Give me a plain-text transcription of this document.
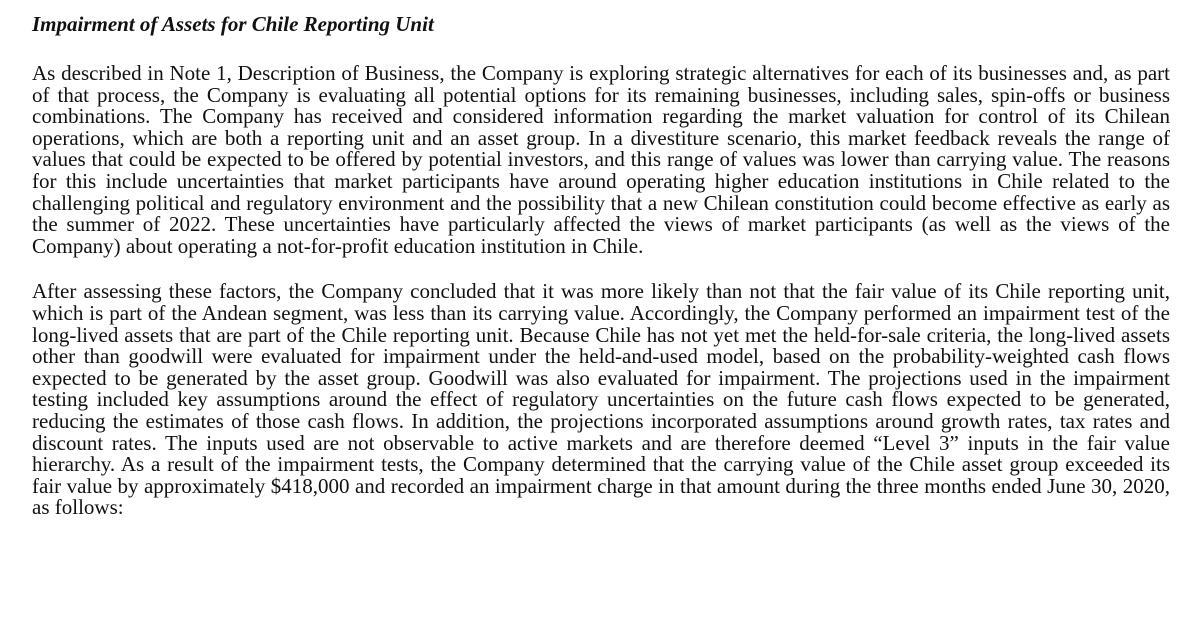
Impairment of Assets for Chile Reporting Unit

As described in Note 1, Description of Business, the Company is exploring strategic alternatives for each of its businesses and, as part of that process, the Company is evaluating all potential options for its remaining businesses, including sales, spin-offs or business combinations. The Company has received and considered information regarding the market valuation for control of its Chilean operations, which are both a reporting unit and an asset group. In a divestiture scenario, this market feedback reveals the range of values that could be expected to be offered by potential investors, and this range of values was lower than carrying value. The reasons for this include uncertainties that market participants have around operating higher education institutions in Chile related to the challenging political and regulatory environment and the possibility that a new Chilean constitution could become effective as early as the summer of 2022. These uncertainties have particularly affected the views of market participants (as well as the views of the Company) about operating a not-for-profit education institution in Chile.

After assessing these factors, the Company concluded that it was more likely than not that the fair value of its Chile reporting unit, which is part of the Andean segment, was less than its carrying value. Accordingly, the Company performed an impairment test of the long-lived assets that are part of the Chile reporting unit. Because Chile has not yet met the held-for-sale criteria, the long-lived assets other than goodwill were evaluated for impairment under the held-and-used model, based on the probability-weighted cash flows expected to be generated by the asset group. Goodwill was also evaluated for impairment. The projections used in the impairment testing included key assumptions around the effect of regulatory uncertainties on the future cash flows expected to be generated, reducing the estimates of those cash flows. In addition, the projections incorporated assumptions around growth rates, tax rates and discount rates. The inputs used are not observable to active markets and are therefore deemed “Level 3” inputs in the fair value hierarchy. As a result of the impairment tests, the Company determined that the carrying value of the Chile asset group exceeded its fair value by approximately $418,000 and recorded an impairment charge in that amount during the three months ended June 30, 2020, as follows:
